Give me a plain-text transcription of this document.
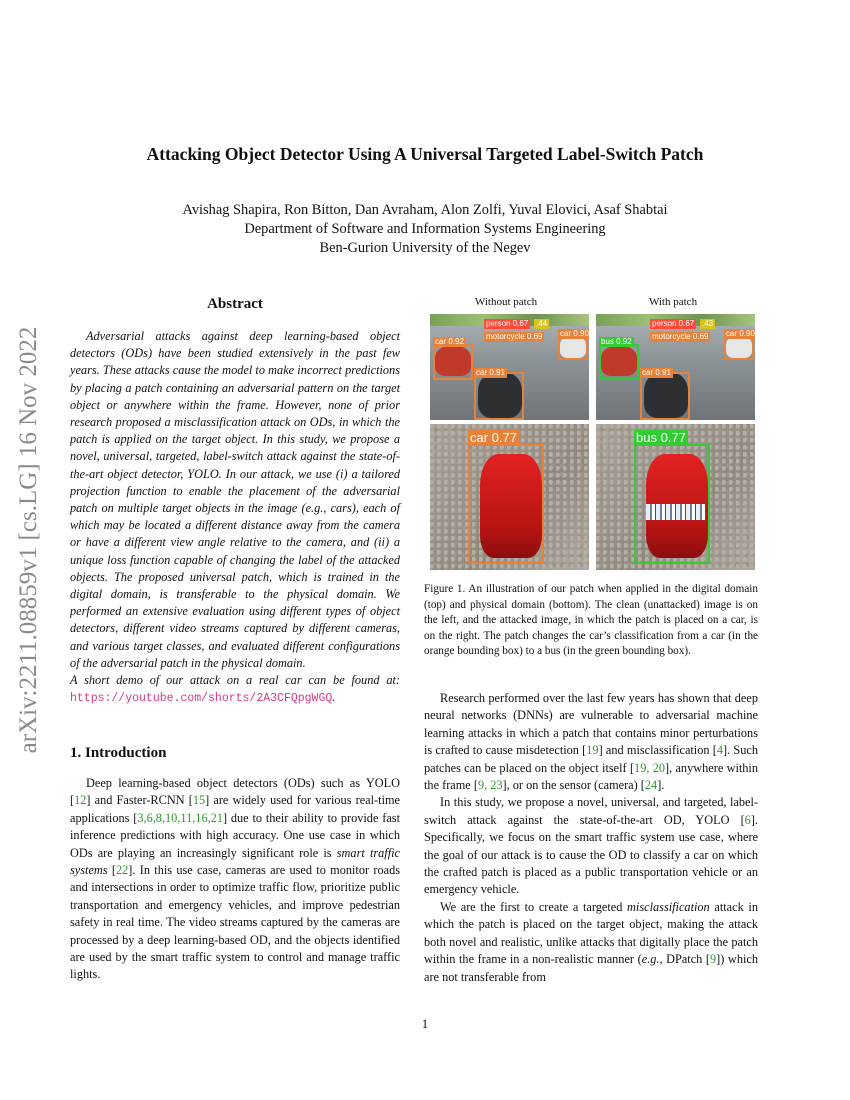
Attacking Object Detector Using A Universal Targeted Label-Switch Patch
Avishag Shapira, Ron Bitton, Dan Avraham, Alon Zolfi, Yuval Elovici, Asaf Shabtai
Department of Software and Information Systems Engineering
Ben-Gurion University of the Negev
arXiv:2211.08859v1 [cs.LG] 16 Nov 2022
Abstract

Adversarial attacks against deep learning-based object detectors (ODs) have been studied extensively in the past few years. These attacks cause the model to make incorrect predictions by placing a patch containing an adversarial pattern on the target object or anywhere within the frame. However, none of prior research proposed a misclassification attack on ODs, in which the patch is applied on the target object. In this study, we propose a novel, universal, targeted, label-switch attack against the state-of-the-art object detector, YOLO. In our attack, we use (i) a tailored projection function to enable the placement of the adversarial patch on multiple target objects in the image (e.g., cars), each of which may be located a different distance away from the camera or have a different view angle relative to the camera, and (ii) a unique loss function capable of changing the label of the attacked objects. The proposed universal patch, which is trained in the digital domain, is transferable to the physical domain. We performed an extensive evaluation using different types of object detectors, different video streams captured by different cameras, and various target classes, and evaluated different configurations of the adversarial patch in the physical domain.

A short demo of our attack on a real car can be found at: https://youtube.com/shorts/2A3CFQpgWGQ.

1. Introduction

Deep learning-based object detectors (ODs) such as YOLO [12] and Faster-RCNN [15] are widely used for various real-time applications [3,6,8,10,11,16,21] due to their ability to provide fast inference predictions with high accuracy. One use case in which ODs are playing an increasingly significant role is smart traffic systems [22]. In this use case, cameras are used to monitor roads and intersections in order to optimize traffic flow, prioritize public transportation and emergency vehicles, and improve pedestrian safety in real time. The video streams captured by the cameras are processed by a deep learning-based OD, and the objects identified are used by the smart traffic system to control and manage traffic lights.

Without patch	With patch
person 0.67 .44
car 0.90
motorcycle 0.69
car 0.92
car 0.91
person 0.67 .43
car 0.90
motorcycle 0.69
bus 0.92
car 0.91
car 0.77	bus 0.77
Figure 1. An illustration of our patch when applied in the digital domain (top) and physical domain (bottom). The clean (unattacked) image is on the left, and the attacked image, in which the patch is placed on a car, is on the right. The patch changes the car’s classification from a car (in the orange bounding box) to a bus (in the green bounding box).

Research performed over the last few years has shown that deep neural networks (DNNs) are vulnerable to adversarial machine learning attacks in which a patch that contains minor perturbations is crafted to cause misdetection [19] and misclassification [4]. Such patches can be placed on the object itself [19, 20], anywhere within the frame [9, 23], or on the sensor (camera) [24].

In this study, we propose a novel, universal, and targeted, label-switch attack against the state-of-the-art OD, YOLO [6]. Specifically, we focus on the smart traffic system use case, where the goal of our attack is to cause the OD to classify a car on which the crafted patch is placed as a public transportation vehicle or an emergency vehicle.

We are the first to create a targeted misclassification attack in which the patch is placed on the target object, making the attack both novel and realistic, unlike attacks that digitally place the patch within the frame in a non-realistic manner (e.g., DPatch [9]) which are not transferable from

1
